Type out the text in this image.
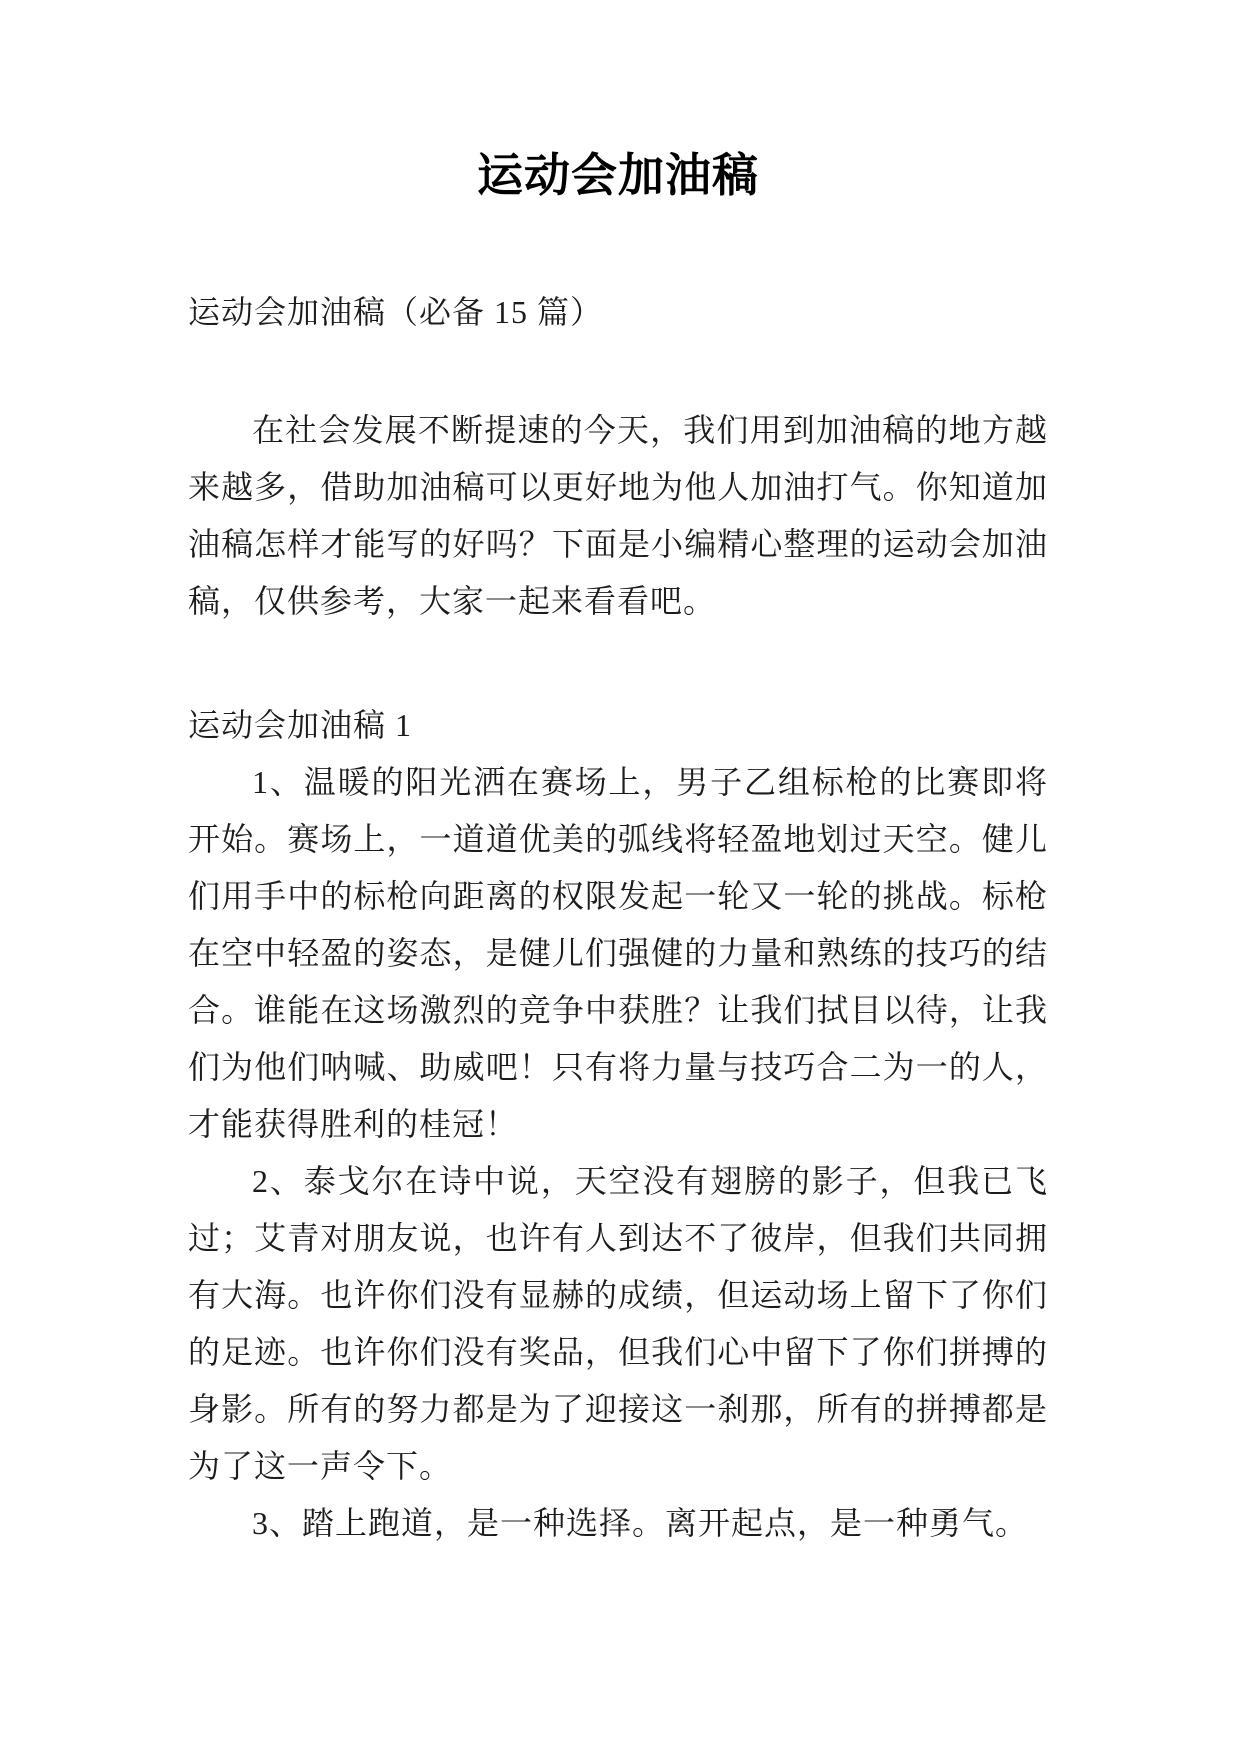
运动会加油稿

运动会加油稿（必备 15 篇）

在社会发展不断提速的今天，我们用到加油稿的地方越来越多，借助加油稿可以更好地为他人加油打气。你知道加油稿怎样才能写的好吗？下面是小编精心整理的运动会加油稿，仅供参考，大家一起来看看吧。

运动会加油稿 1

1、温暖的阳光洒在赛场上，男子乙组标枪的比赛即将开始。赛场上，一道道优美的弧线将轻盈地划过天空。健儿们用手中的标枪向距离的权限发起一轮又一轮的挑战。标枪在空中轻盈的姿态，是健儿们强健的力量和熟练的技巧的结合。谁能在这场激烈的竞争中获胜？让我们拭目以待，让我们为他们呐喊、助威吧！只有将力量与技巧合二为一的人，才能获得胜利的桂冠！

2、泰戈尔在诗中说，天空没有翅膀的影子，但我已飞过；艾青对朋友说，也许有人到达不了彼岸，但我们共同拥有大海。也许你们没有显赫的成绩，但运动场上留下了你们的足迹。也许你们没有奖品，但我们心中留下了你们拼搏的身影。所有的努力都是为了迎接这一刹那，所有的拼搏都是为了这一声令下。

3、踏上跑道，是一种选择。离开起点，是一种勇气。
